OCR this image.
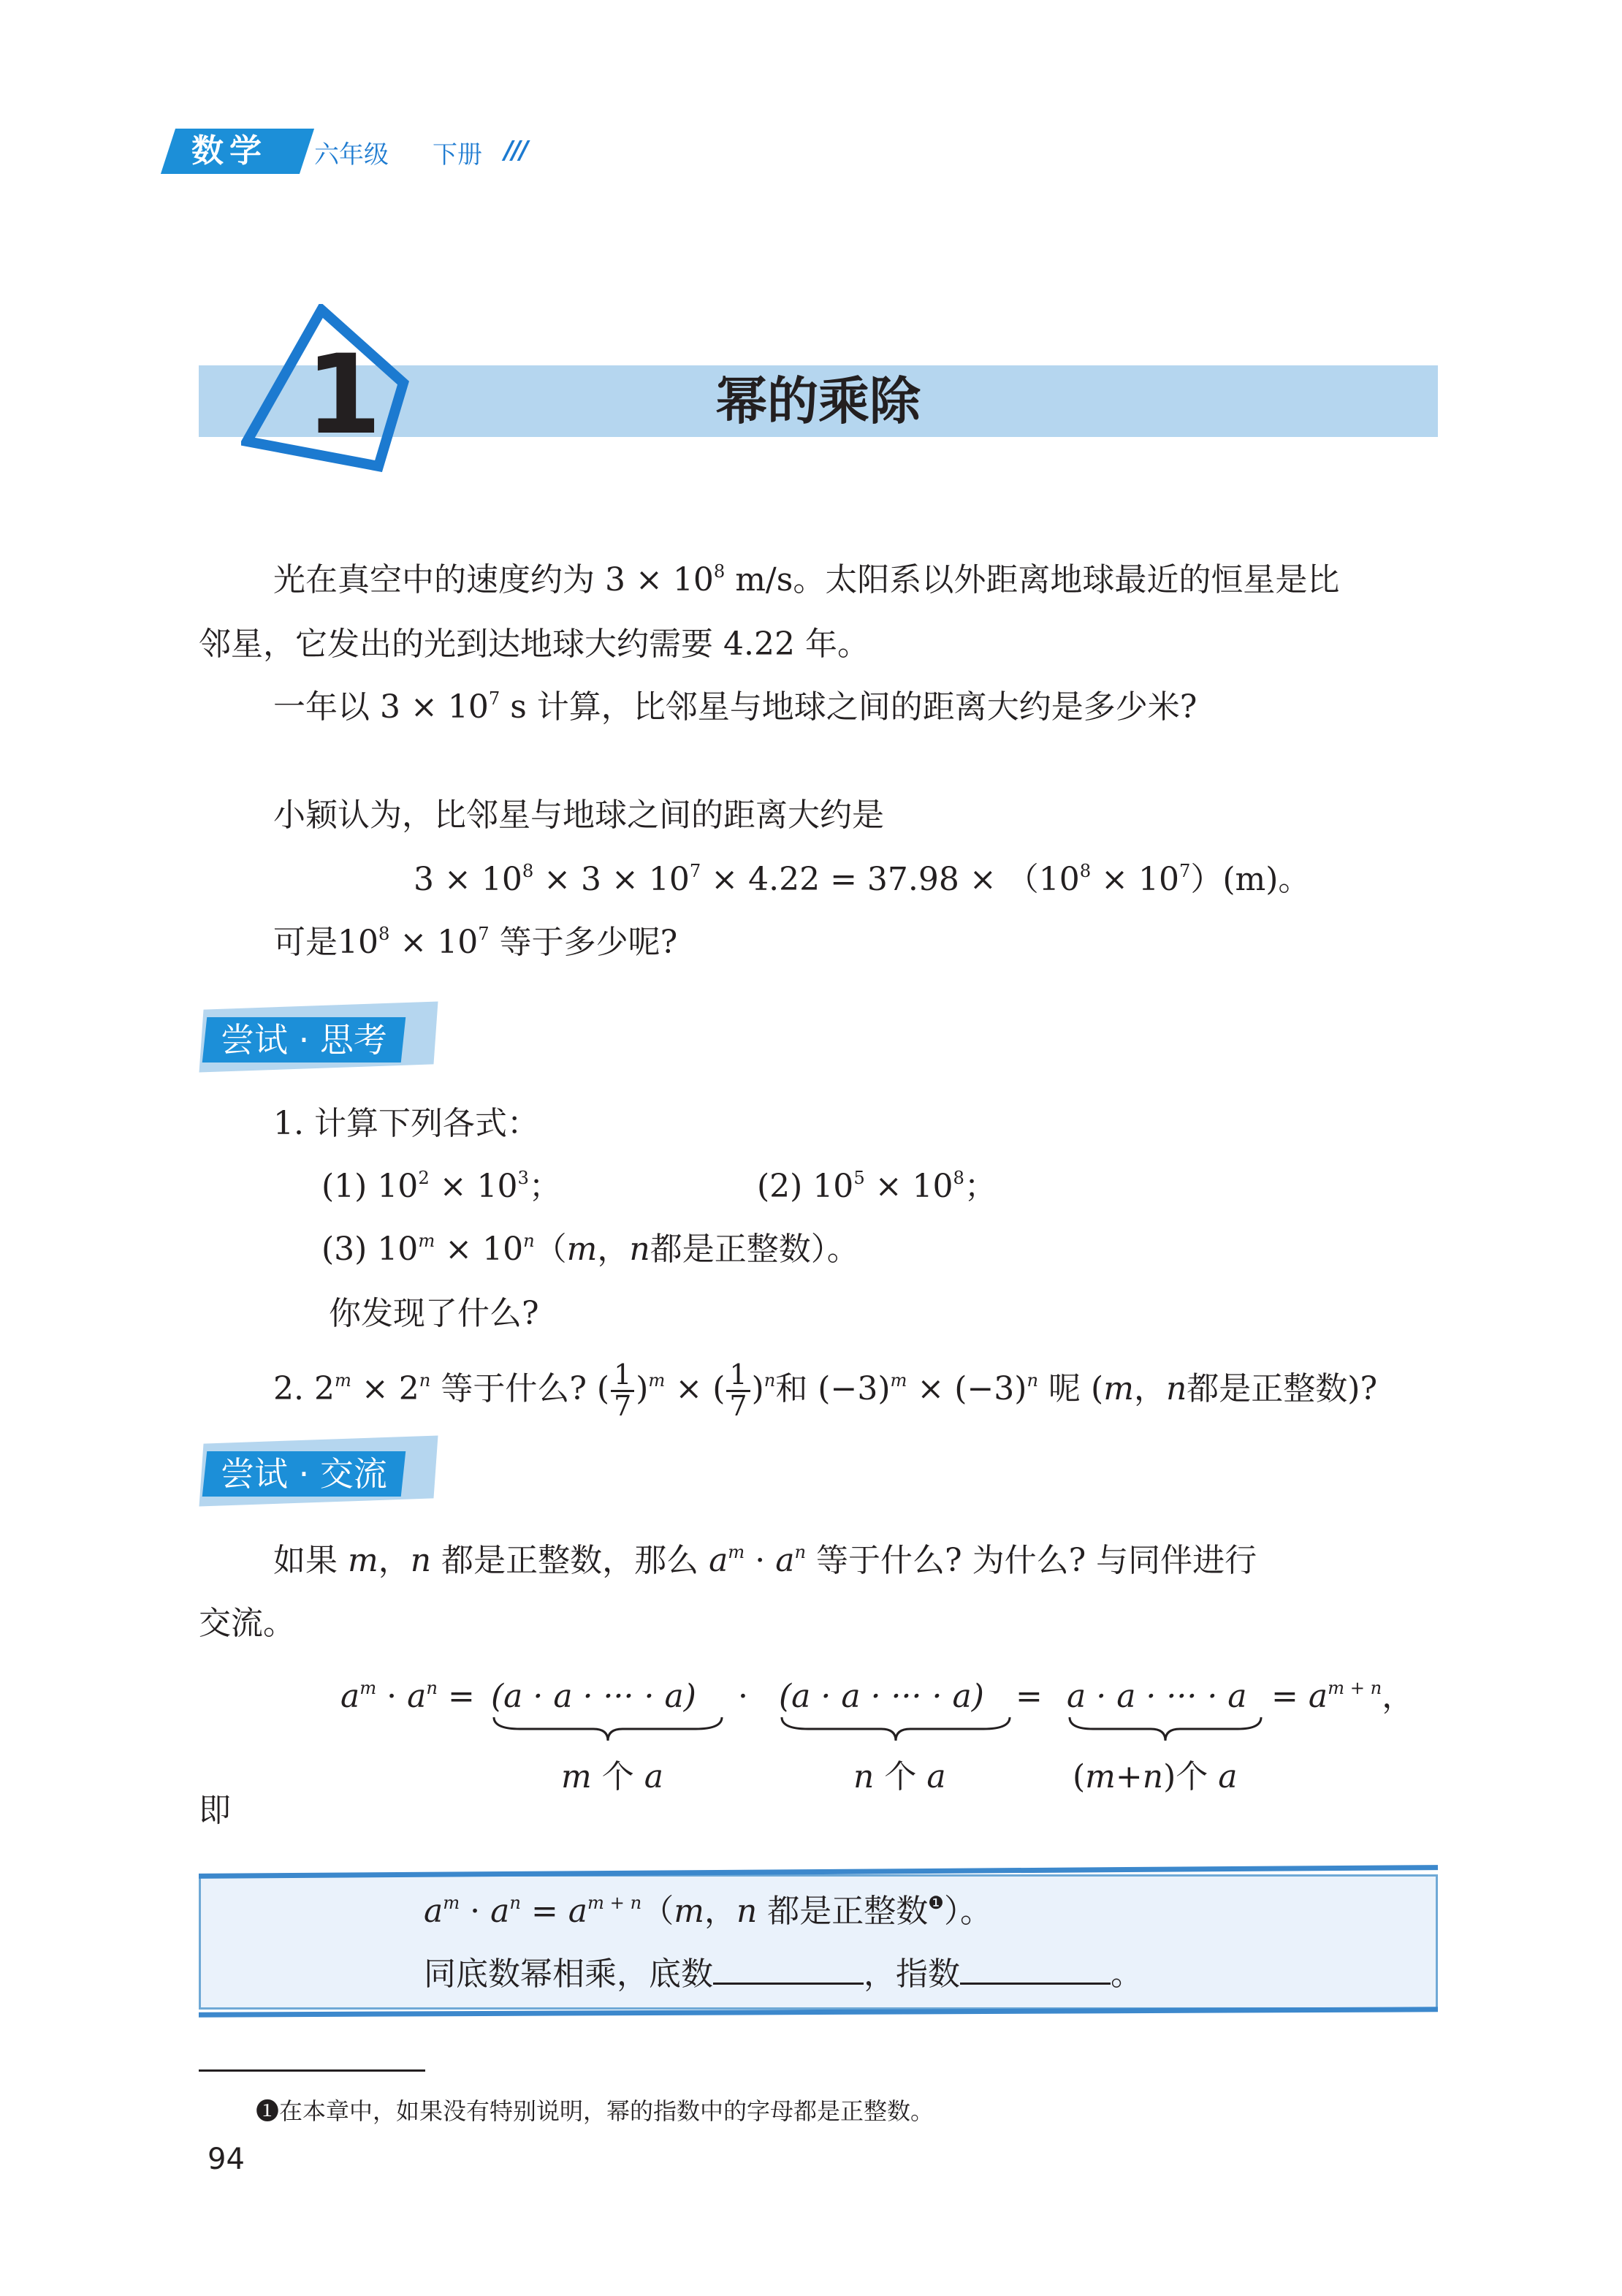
数学 六年级 下册 ///
幂的乘除
1
光在真空中的速度约为 $3 \times 10^8$ m/s。太阳系以外距离地球最近的恒星是比
邻星，它发出的光到达地球大约需要 4.22 年。
一年以 $3 \times 10^7$ s 计算，比邻星与地球之间的距离大约是多少米?
小颖认为，比邻星与地球之间的距离大约是
$3 \times 10^8 \times 3 \times 10^7 \times 4.22 = 37.98 \times (10^8 \times 10^7)(m)$。
可是$10^8 \times 10^7$ 等于多少呢?
尝试 · 思考
1. 计算下列各式：
(1) $10^2 \times 10^3$；	(2) $10^5 \times 10^8$；
(3) $10^m \times 10^n(m$，n都是正整数）。
你发现了什么?
2. $2^m \times 2^n$ 等于什么? ( $\frac{1}{7} )^m$ × ( $\frac{1}{7} )^n$和 $(-3)^m \times (-3)^n$ 呢 (m，n都是正整数)?
尝试 · 交流
如果 m，n 都是正整数，那么 $a^m \cdot a^n$ 等于什么? 为什么? 与同伴进行
交流。
$a^m \cdot a^n = (a \cdot a$ · ··· · a) · (a · a · ··· · a) = a · a · ··· · $a = a^{m + n}$，
m 个 a	n 个 a	(m+n)个 a
即
$a^m \cdot a^n = a^{m + n}(m$，n 都是正整数$^❶$）。
同底数幂相乘，底数	，指数	。
❶在本章中，如果没有特别说明，幂的指数中的字母都是正整数。
94
